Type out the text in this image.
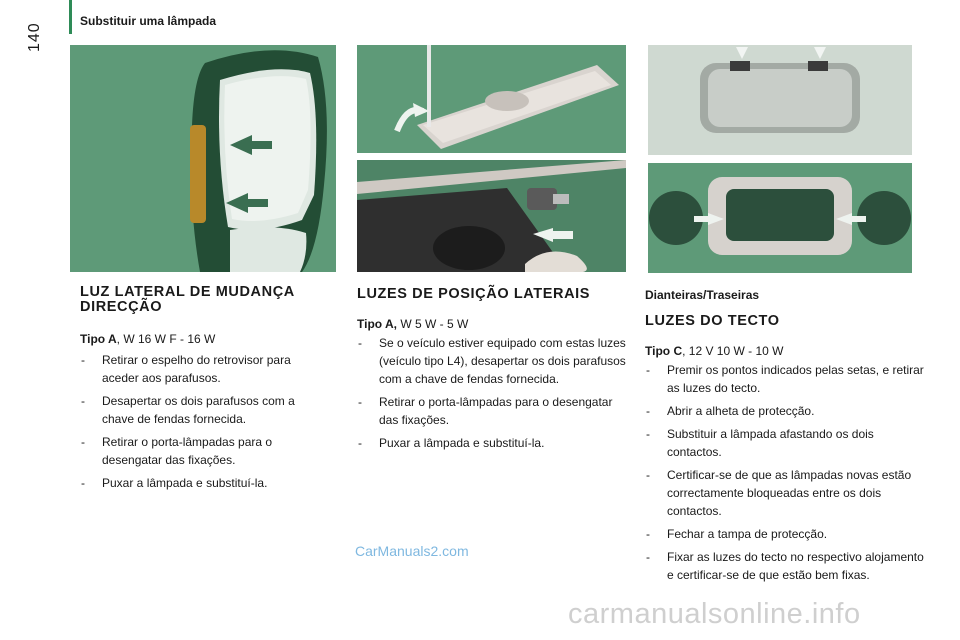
Substituir uma lâmpada
140
LUZ LATERAL DE MUDANÇA DIRECÇÃO

Tipo A, W 16 W F - 16 W

- Retirar o espelho do retrovisor para aceder aos parafusos.
- Desapertar os dois parafusos com a chave de fendas fornecida.
- Retirar o porta-lâmpadas para o desengatar das fixações.
- Puxar a lâmpada e substituí-la.
LUZES DE POSIÇÃO LATERAIS

Tipo A, W 5 W - 5 W

- Se o veículo estiver equipado com estas luzes (veículo tipo L4), desapertar os dois parafusos com a chave de fendas fornecida.
- Retirar o porta-lâmpadas para o desengatar das fixações.
- Puxar a lâmpada e substituí-la.
Dianteiras/Traseiras
LUZES DO TECTO

Tipo C, 12 V 10 W - 10 W

- Premir os pontos indicados pelas setas, e retirar as luzes do tecto.
- Abrir a alheta de protecção.
- Substituir a lâmpada afastando os dois contactos.
- Certificar-se de que as lâmpadas novas estão correctamente bloqueadas entre os dois contactos.
- Fechar a tampa de protecção.
- Fixar as luzes do tecto no respectivo alojamento e certificar-se de que estão bem fixas.
CarManuals2.com
carmanualsonline.info
